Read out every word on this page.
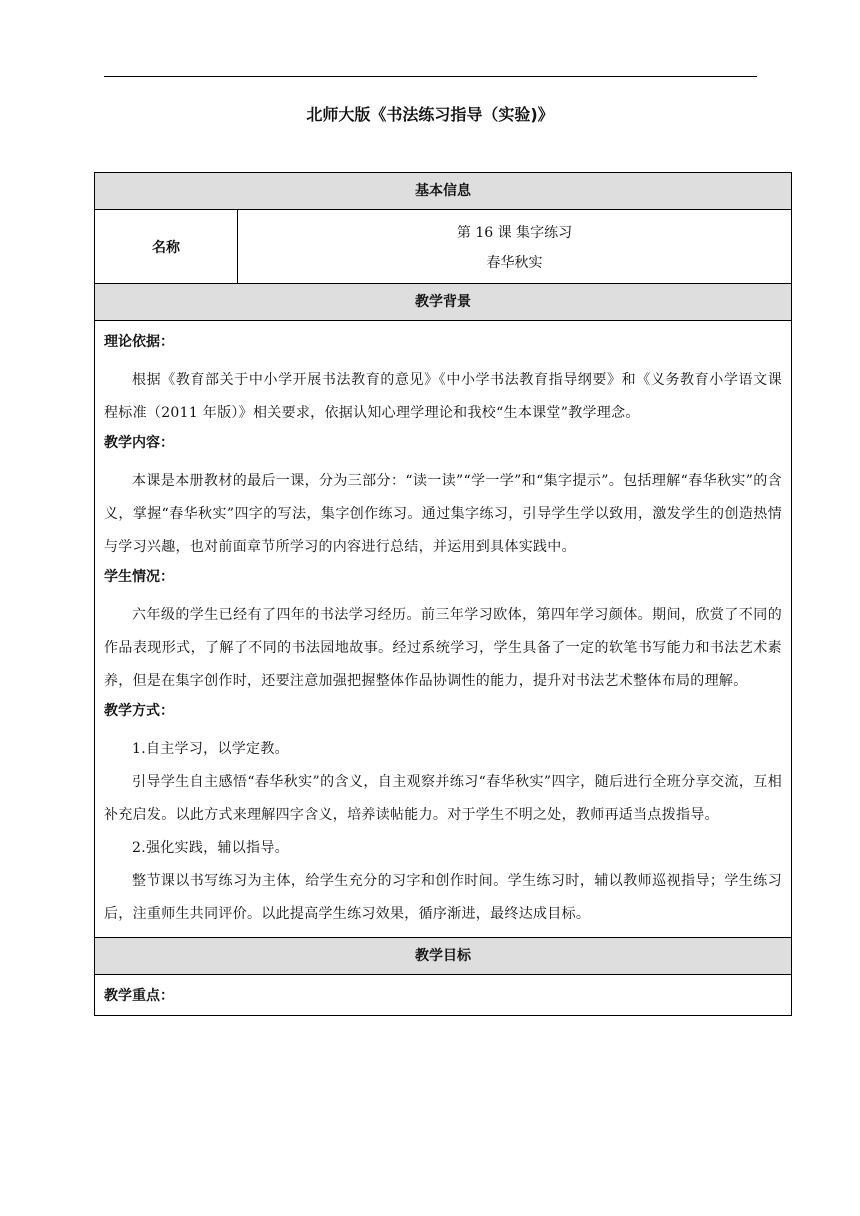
北师大版《书法练习指导（实验)》
基本信息
名称
第 16 课 集字练习
春华秋实
教学背景
理论依据：

根据《教育部关于中小学开展书法教育的意见》《中小学书法教育指导纲要》和《义务教育小学语文课程标准（2011 年版）》相关要求，依据认知心理学理论和我校“生本课堂”教学理念。

教学内容：

本课是本册教材的最后一课，分为三部分：“读一读”“学一学”和“集字提示”。包括理解“春华秋实”的含义，掌握“春华秋实”四字的写法，集字创作练习。通过集字练习，引导学生学以致用，激发学生的创造热情与学习兴趣，也对前面章节所学习的内容进行总结，并运用到具体实践中。

学生情况：

六年级的学生已经有了四年的书法学习经历。前三年学习欧体，第四年学习颜体。期间，欣赏了不同的作品表现形式，了解了不同的书法园地故事。经过系统学习，学生具备了一定的软笔书写能力和书法艺术素养，但是在集字创作时，还要注意加强把握整体作品协调性的能力，提升对书法艺术整体布局的理解。

教学方式：

1.自主学习，以学定教。

引导学生自主感悟“春华秋实”的含义，自主观察并练习“春华秋实”四字，随后进行全班分享交流，互相补充启发。以此方式来理解四字含义，培养读帖能力。对于学生不明之处，教师再适当点拨指导。

2.强化实践，辅以指导。

整节课以书写练习为主体，给学生充分的习字和创作时间。学生练习时，辅以教师巡视指导；学生练习后，注重师生共同评价。以此提高学生练习效果，循序渐进，最终达成目标。

教学目标
教学重点：
